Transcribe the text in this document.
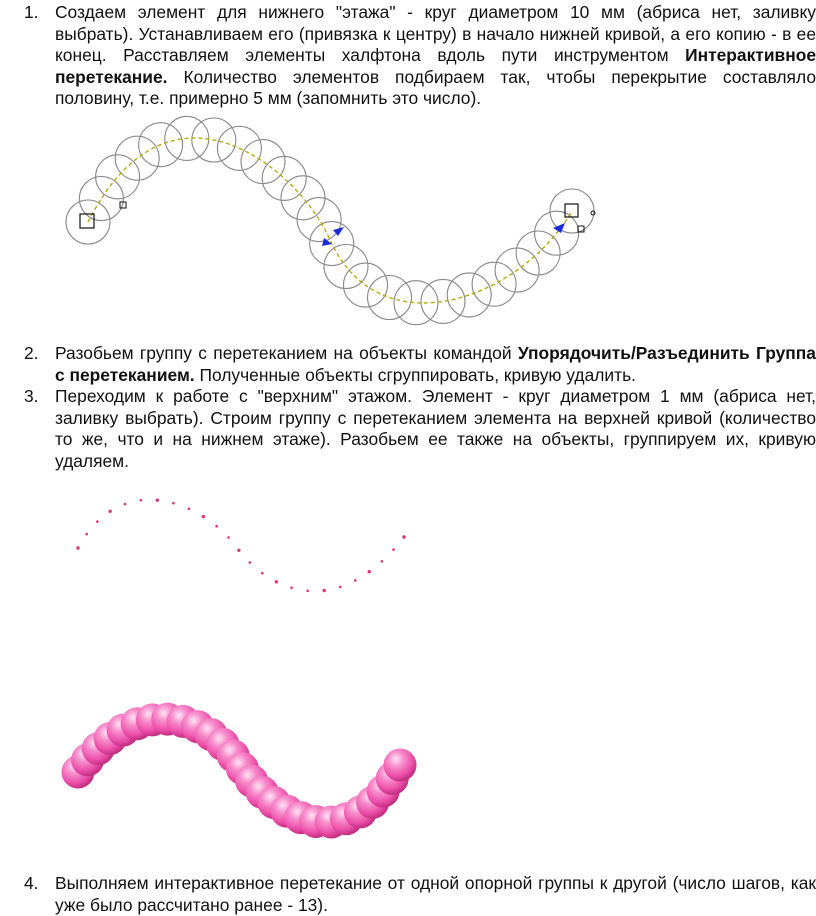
1. Создаем элемент для нижнего "этажа" - круг диаметром 10 мм (абриса нет, заливку выбрать). Устанавливаем его (привязка к центру) в начало нижней кривой, а его копию - в ее конец. Расставляем элементы халфтона вдоль пути инструментом Интерактивное перетекание. Количество элементов подбираем так, чтобы перекрытие составляло половину, т.е. примерно 5 мм (запомнить это число).
2. Разобьем группу с перетеканием на объекты командой Упорядочить/Разъединить Группа с перетеканием. Полученные объекты сгруппировать, кривую удалить.
3. Переходим к работе с "верхним" этажом. Элемент - круг диаметром 1 мм (абриса нет, заливку выбрать). Строим группу с перетеканием элемента на верхней кривой (количество то же, что и на нижнем этаже). Разобьем ее также на объекты, группируем их, кривую удаляем.
4. Выполняем интерактивное перетекание от одной опорной группы к другой (число шагов, как уже было рассчитано ранее - 13).
